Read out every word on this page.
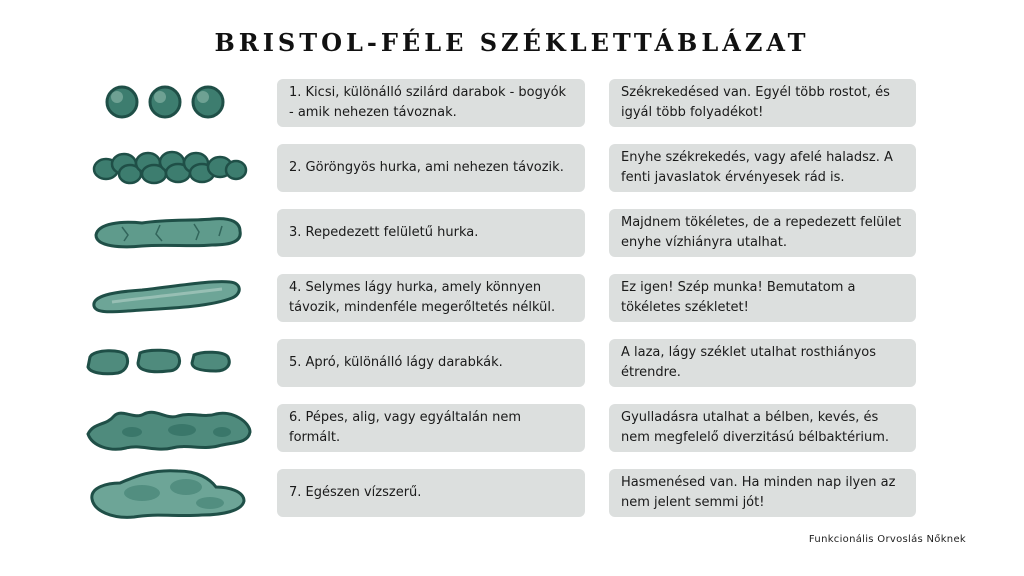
BRISTOL-FÉLE SZÉKLETTÁBLÁZAT
1. Kicsi, különálló szilárd darabok - bogyók - amik nehezen távoznak.
Székrekedésed van. Egyél több rostot, és igyál több folyadékot!
2. Göröngyös hurka, ami nehezen távozik.
Enyhe székrekedés, vagy afelé haladsz. A fenti javaslatok érvényesek rád is.
3. Repedezett felületű hurka.
Majdnem tökéletes, de a repedezett felület enyhe vízhiányra utalhat.
4. Selymes lágy hurka, amely könnyen távozik, mindenféle megerőltetés nélkül.
Ez igen! Szép munka! Bemutatom a tökéletes székletet!
5. Apró, különálló lágy darabkák.
A laza, lágy széklet utalhat rosthiányos étrendre.
6. Pépes, alig, vagy egyáltalán nem formált.
Gyulladásra utalhat a bélben, kevés, és nem megfelelő diverzitású bélbaktérium.
7. Egészen vízszerű.
Hasmenésed van. Ha minden nap ilyen az nem jelent semmi jót!
Funkcionális Orvoslás Nőknek
